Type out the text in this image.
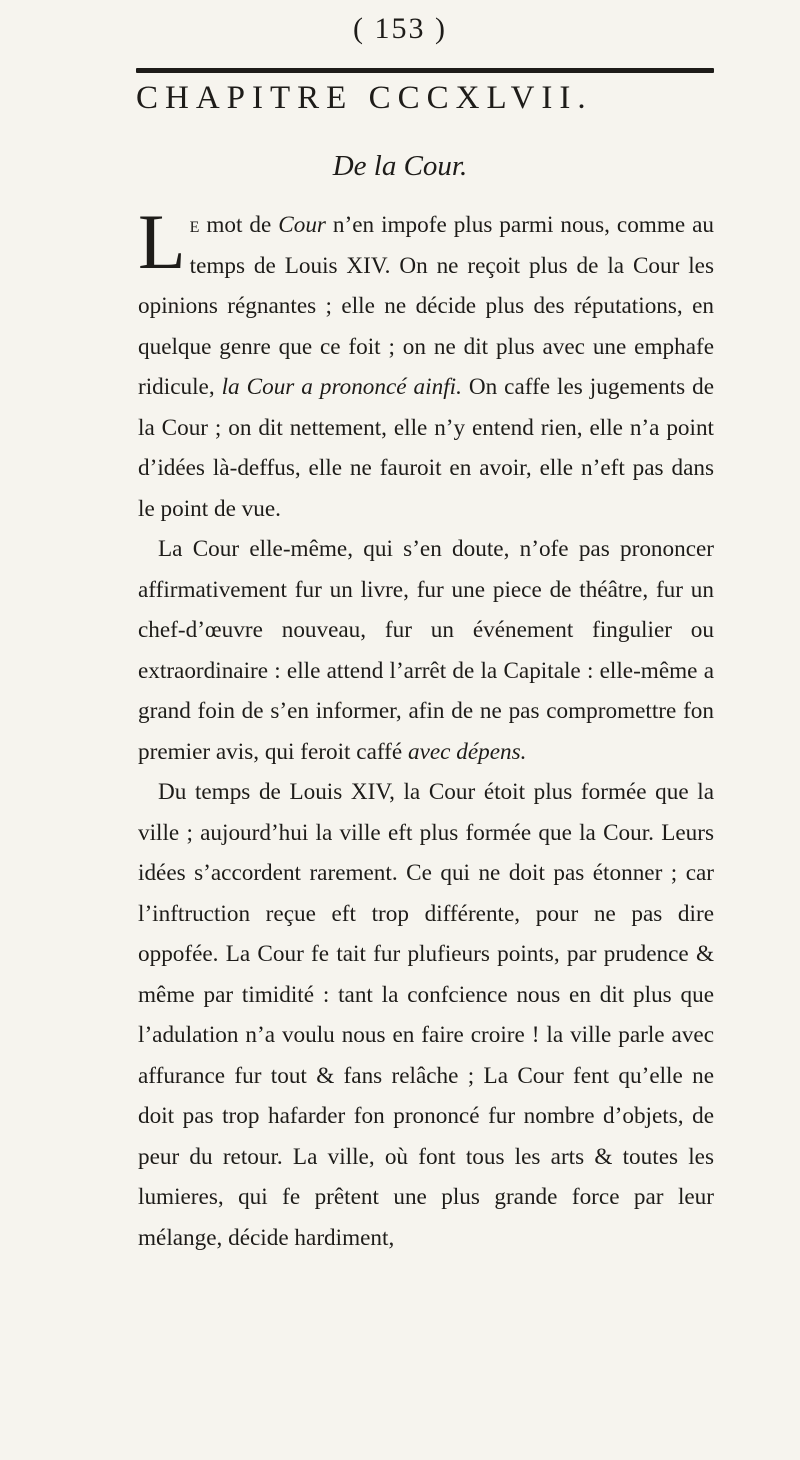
( 153 )
CHAPITRE CCCXLVII.
De la Cour.

L e mot de Cour n’en impofe plus parmi nous, comme au temps de Louis XIV. On ne reçoit plus de la Cour les opinions régnantes ; elle ne décide plus des réputations, en quelque genre que ce foit ; on ne dit plus avec une emphafe ridicule, la Cour a prononcé ainfi. On caffe les jugements de la Cour ; on dit nettement, elle n’y entend rien, elle n’a point d’idées là-deffus, elle ne fauroit en avoir, elle n’eft pas dans le point de vue.

La Cour elle-même, qui s’en doute, n’ofe pas prononcer affirmativement fur un livre, fur une piece de théâtre, fur un chef-d’œuvre nouveau, fur un événement fingulier ou extraordinaire : elle attend l’arrêt de la Capitale : elle-même a grand foin de s’en informer, afin de ne pas compromettre fon premier avis, qui feroit caffé avec dépens.

Du temps de Louis XIV, la Cour étoit plus formée que la ville ; aujourd’hui la ville eft plus formée que la Cour. Leurs idées s’accordent rarement. Ce qui ne doit pas étonner ; car l’inftruction reçue eft trop différente, pour ne pas dire oppofée. La Cour fe tait fur plufieurs points, par prudence & même par timidité : tant la confcience nous en dit plus que l’adulation n’a voulu nous en faire croire ! la ville parle avec affurance fur tout & fans relâche ; La Cour fent qu’elle ne doit pas trop hafarder fon prononcé fur nombre d’objets, de peur du retour. La ville, où font tous les arts & toutes les lumieres, qui fe prêtent une plus grande force par leur mélange, décide hardiment,
